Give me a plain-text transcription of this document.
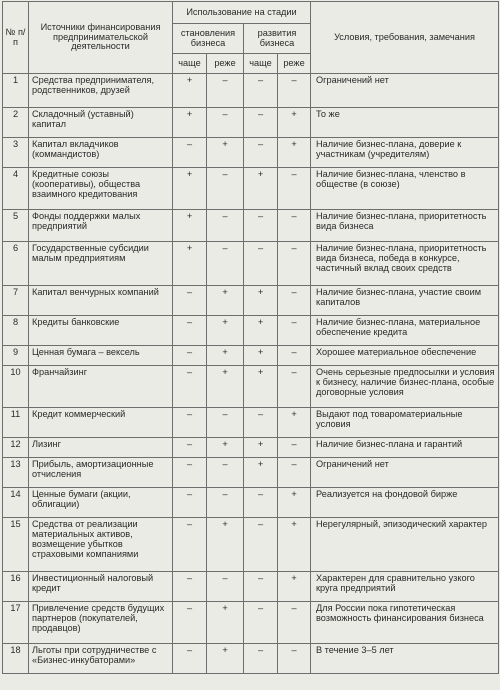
№ п/п	Источники финансирования предпринимательской деятельности	Использование на стадии				Условия, требования, замечания
		становления бизнеса		развития бизнеса		
		чаще	реже	чаще	реже	
1	Средства предпринимателя, родственников, друзей	+	–	–	–	Ограничений нет
2	Складочный (уставный) капитал	+	–	–	+	То же
3	Капитал вкладчиков (коммандистов)	–	+	–	+	Наличие бизнес-плана, доверие к участникам (учредителям)
4	Кредитные союзы (кооперативы), общества взаимного кредитования	+	–	+	–	Наличие бизнес-плана, членство в обществе (в союзе)
5	Фонды поддержки малых предприятий	+	–	–	–	Наличие бизнес-плана, приоритетность вида бизнеса
6	Государственные субсидии малым предприятиям	+	–	–	–	Наличие бизнес-плана, приоритетность вида бизнеса, победа в конкурсе, частичный вклад своих средств
7	Капитал венчурных компаний	–	+	+	–	Наличие бизнес-плана, участие своим капиталов
8	Кредиты банковские	–	+	+	–	Наличие бизнес-плана, материальное обеспечение кредита
9	Ценная бумага – вексель	–	+	+	–	Хорошее материальное обеспечение
10	Франчайзинг	–	+	+	–	Очень серьезные предпосылки и условия к бизнесу, наличие бизнес-плана, особые договорные условия
11	Кредит коммерческий	–	–	–	+	Выдают под товароматериальные условия
12	Лизинг	–	+	+	–	Наличие бизнес-плана и гарантий
13	Прибыль, амортизационные отчисления	–	–	+	–	Ограничений нет
14	Ценные бумаги (акции, облигации)	–	–	–	+	Реализуется на фондовой бирже
15	Средства от реализации материальных активов, возмещение убытков страховыми компаниями	–	+	–	+	Нерегулярный, эпизодический характер
16	Инвестиционный налоговый кредит	–	–	–	+	Характерен для сравнительно узкого круга предприятий
17	Привлечение средств будущих партнеров (покупателей, продавцов)	–	+	–	–	Для России пока гипотетическая возможность финансирования бизнеса
18	Льготы при сотрудничестве с «Бизнес-инкубаторами»	–	+	–	–	В течение 3–5 лет
